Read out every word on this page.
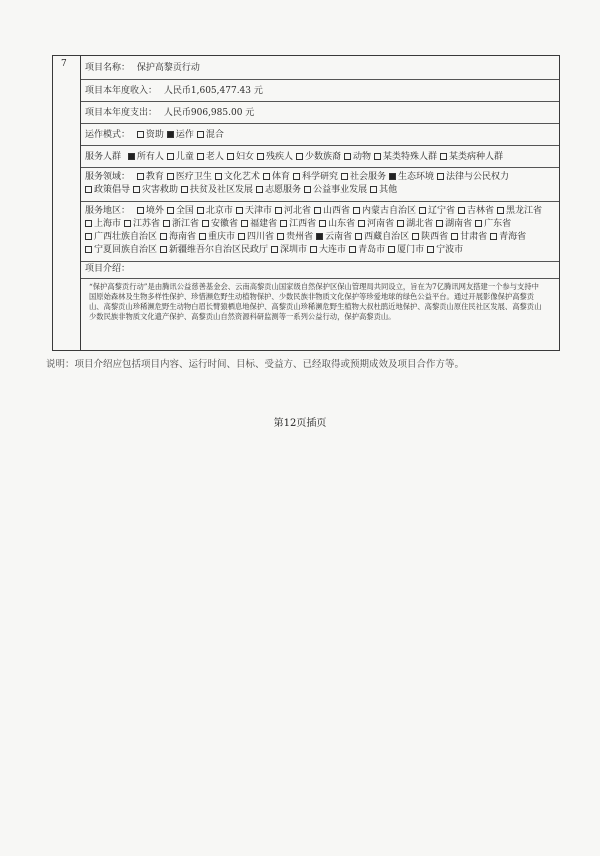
7	项目名称： 保护高黎贡行动
项目本年度收入： 人民币1,605,477.43 元
项目本年度支出： 人民币906,985.00 元
运作模式： 资助 运作 混合
服务人群 所有人 儿童 老人 妇女 残疾人 少数族裔 动物 某类特殊人群 某类病种人群
服务领域： 教育 医疗卫生 文化艺术 体育 科学研究 社会服务 生态环境 法律与公民权力政策倡导 灾害救助 扶贫及社区发展 志愿服务 公益事业发展 其他
服务地区： 境外 全国 北京市 天津市 河北省 山西省 内蒙古自治区 辽宁省 吉林省 黑龙江省上海市 江苏省 浙江省 安徽省 福建省 江西省 山东省 河南省 湖北省 湖南省 广东省广西壮族自治区 海南省 重庆市 四川省 贵州省 云南省 西藏自治区 陕西省 甘肃省 青海省宁夏回族自治区 新疆维吾尔自治区民政厅 深圳市 大连市 青岛市 厦门市 宁波市
项目介绍：
“保护高黎贡行动”是由腾讯公益慈善基金会、云南高黎贡山国家级自然保护区保山管理局共同设立，旨在为7亿腾讯网友搭建一个参与支持中国原始森林及生物多样性保护、珍惜濒危野生动植物保护、少数民族非物质文化保护等珍爱地球的绿色公益平台。通过开展影像保护高黎贡山、高黎贡山珍稀濒危野生动物白眉长臂猿栖息地保护、高黎贡山珍稀濒危野生植物大叔杜鹃近地保护、高黎贡山原住民社区发展、高黎贡山少数民族非物质文化遗产保护、高黎贡山自然资源科研监测等一系列公益行动，保护高黎贡山。
说明：项目介绍应包括项目内容、运行时间、目标、受益方、已经取得或预期成效及项目合作方等。
第12页插页
